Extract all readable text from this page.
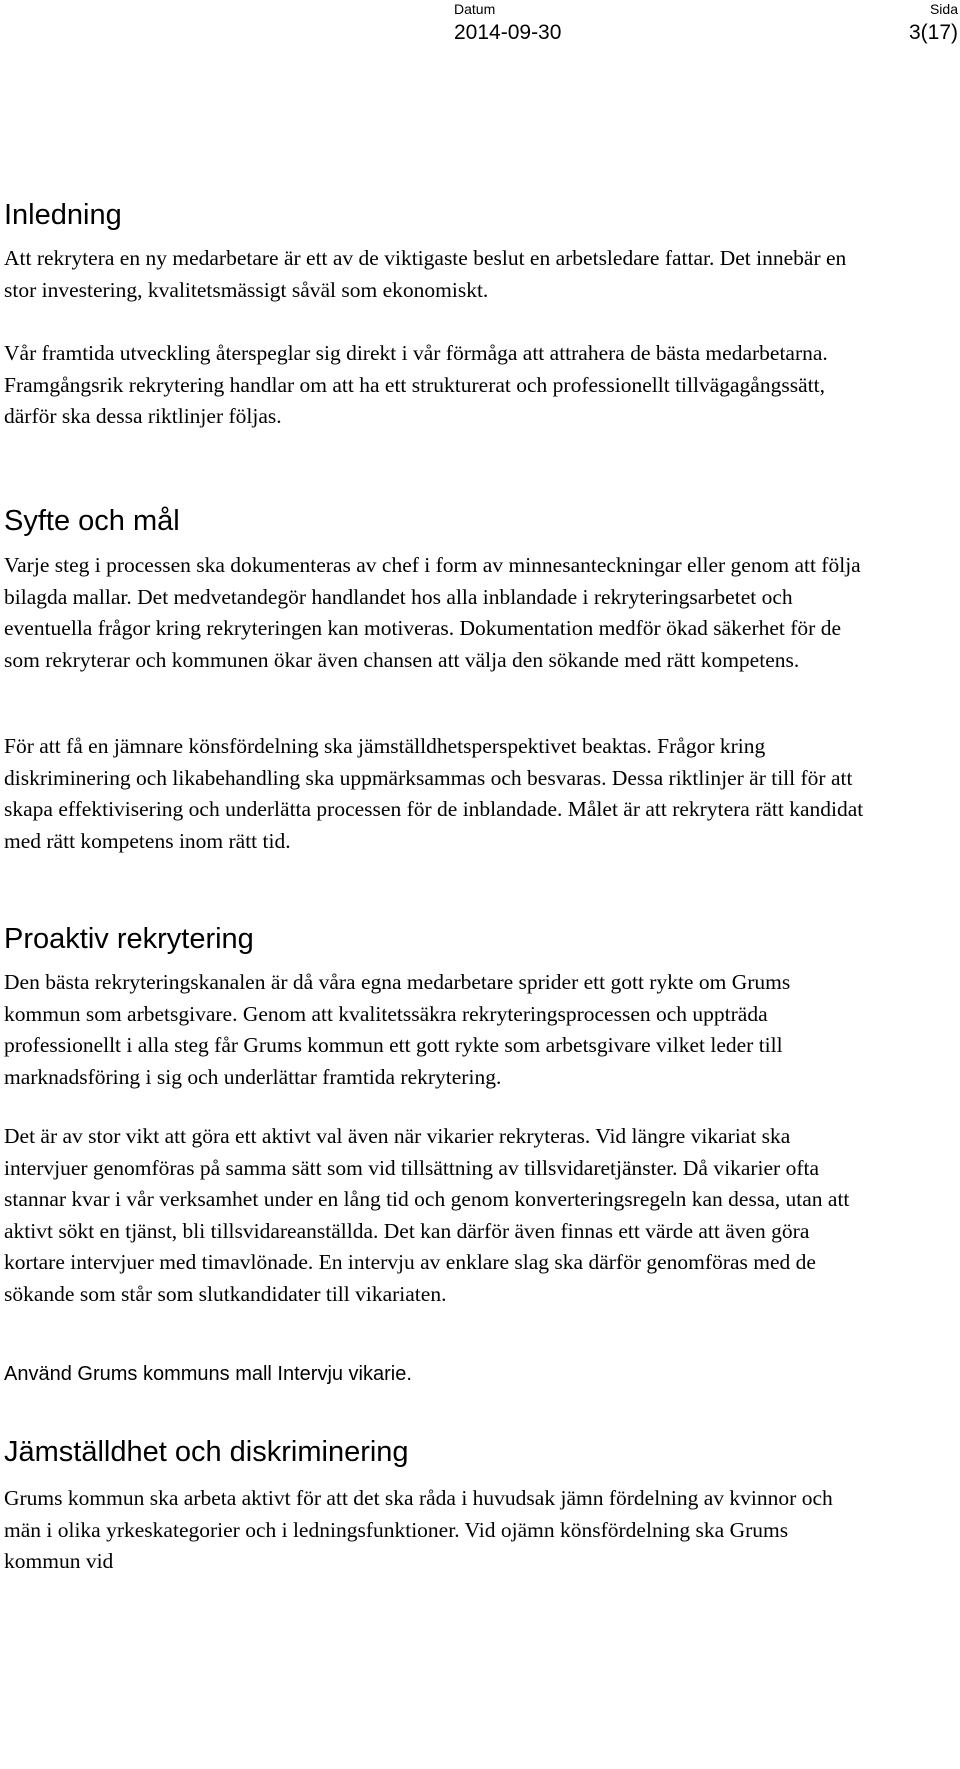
Datum
2014-09-30
Sida
3(17)
Inledning

Att rekrytera en ny medarbetare är ett av de viktigaste beslut en arbetsledare fattar. Det innebär en stor investering, kvalitetsmässigt såväl som ekonomiskt.

Vår framtida utveckling återspeglar sig direkt i vår förmåga att attrahera de bästa medarbetarna. Framgångsrik rekrytering handlar om att ha ett strukturerat och professionellt tillvägagångssätt, därför ska dessa riktlinjer följas.

Syfte och mål

Varje steg i processen ska dokumenteras av chef i form av minnesanteckningar eller genom att följa bilagda mallar. Det medvetandegör handlandet hos alla inblandade i rekryteringsarbetet och eventuella frågor kring rekryteringen kan motiveras. Dokumentation medför ökad säkerhet för de som rekryterar och kommunen ökar även chansen att välja den sökande med rätt kompetens.

För att få en jämnare könsfördelning ska jämställdhetsperspektivet beaktas. Frågor kring diskriminering och likabehandling ska uppmärksammas och besvaras. Dessa riktlinjer är till för att skapa effektivisering och underlätta processen för de inblandade. Målet är att rekrytera rätt kandidat med rätt kompetens inom rätt tid.

Proaktiv rekrytering

Den bästa rekryteringskanalen är då våra egna medarbetare sprider ett gott rykte om Grums kommun som arbetsgivare. Genom att kvalitetssäkra rekryteringsprocessen och uppträda professionellt i alla steg får Grums kommun ett gott rykte som arbetsgivare vilket leder till marknadsföring i sig och underlättar framtida rekrytering.

Det är av stor vikt att göra ett aktivt val även när vikarier rekryteras. Vid längre vikariat ska intervjuer genomföras på samma sätt som vid tillsättning av tillsvidaretjänster. Då vikarier ofta stannar kvar i vår verksamhet under en lång tid och genom konverteringsregeln kan dessa, utan att aktivt sökt en tjänst, bli tillsvidareanställda. Det kan därför även finnas ett värde att även göra kortare intervjuer med timavlönade. En intervju av enklare slag ska därför genomföras med de sökande som står som slutkandidater till vikariaten.

Använd Grums kommuns mall Intervju vikarie.

Jämställdhet och diskriminering

Grums kommun ska arbeta aktivt för att det ska råda i huvudsak jämn fördelning av kvinnor och män i olika yrkeskategorier och i ledningsfunktioner. Vid ojämn könsfördelning ska Grums kommun vid
